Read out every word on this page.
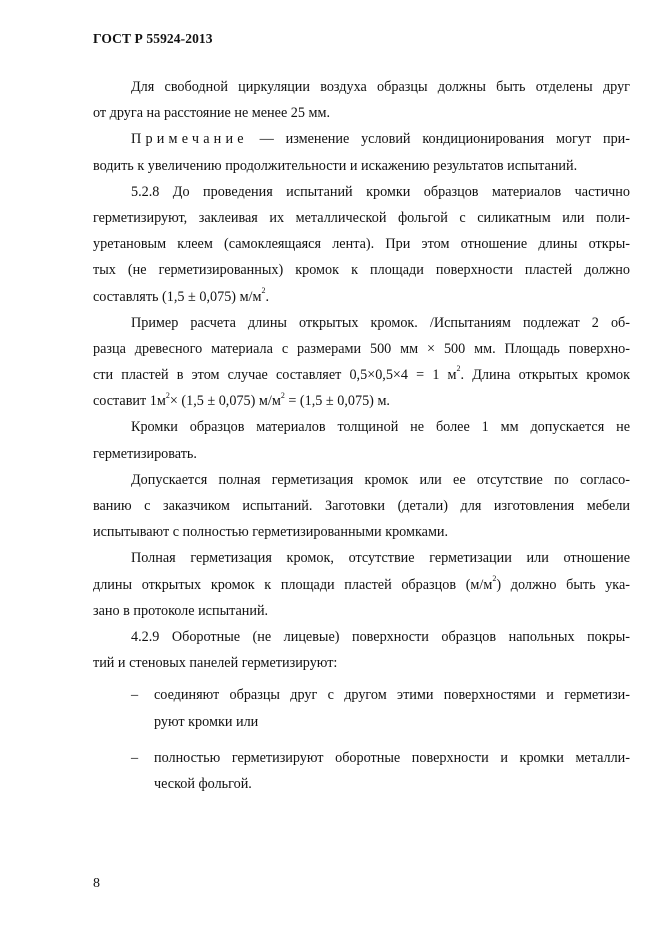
ГОСТ Р 55924-2013
Для свободной циркуляции воздуха образцы должны быть отделены друг
от друга на расстояние не менее 25 мм.
Примечание — изменение условий кондиционирования могут при-
водить к увеличению продолжительности и искажению результатов испытаний.
5.2.8 До проведения испытаний кромки образцов материалов частично
герметизируют, заклеивая их металлической фольгой с силикатным или поли-
уретановым клеем (самоклеящаяся лента). При этом отношение длины откры-
тых (не герметизированных) кромок к площади поверхности пластей должно
составлять (1,5 ± 0,075) $м/м^2$.
Пример расчета длины открытых кромок. /Испытаниям подлежат 2 об-
разца древесного материала с размерами 500 мм × 500 мм. Площадь поверхно-
сти пластей в этом случае составляет 0,5×0,5×4 = 1 $м^2$. Длина открытых кромок
составит $1м^2\times (1,5 \pm 0,075) м/м^2 = (1,5 \pm 0,075)$ м.
Кромки образцов материалов толщиной не более 1 мм допускается не
герметизировать.
Допускается полная герметизация кромок или ее отсутствие по согласо-
ванию с заказчиком испытаний. Заготовки (детали) для изготовления мебели
испытывают с полностью герметизированными кромками.
Полная герметизация кромок, отсутствие герметизации или отношение
длины открытых кромок к площади пластей образцов $(м/м^2)$ должно быть ука-
зано в протоколе испытаний.
4.2.9 Оборотные (не лицевые) поверхности образцов напольных покры-
тий и стеновых панелей герметизируют:
– соединяют образцы друг с другом этими поверхностями и герметизи-
руют кромки или
– полностью герметизируют оборотные поверхности и кромки металли-
ческой фольгой.
8
